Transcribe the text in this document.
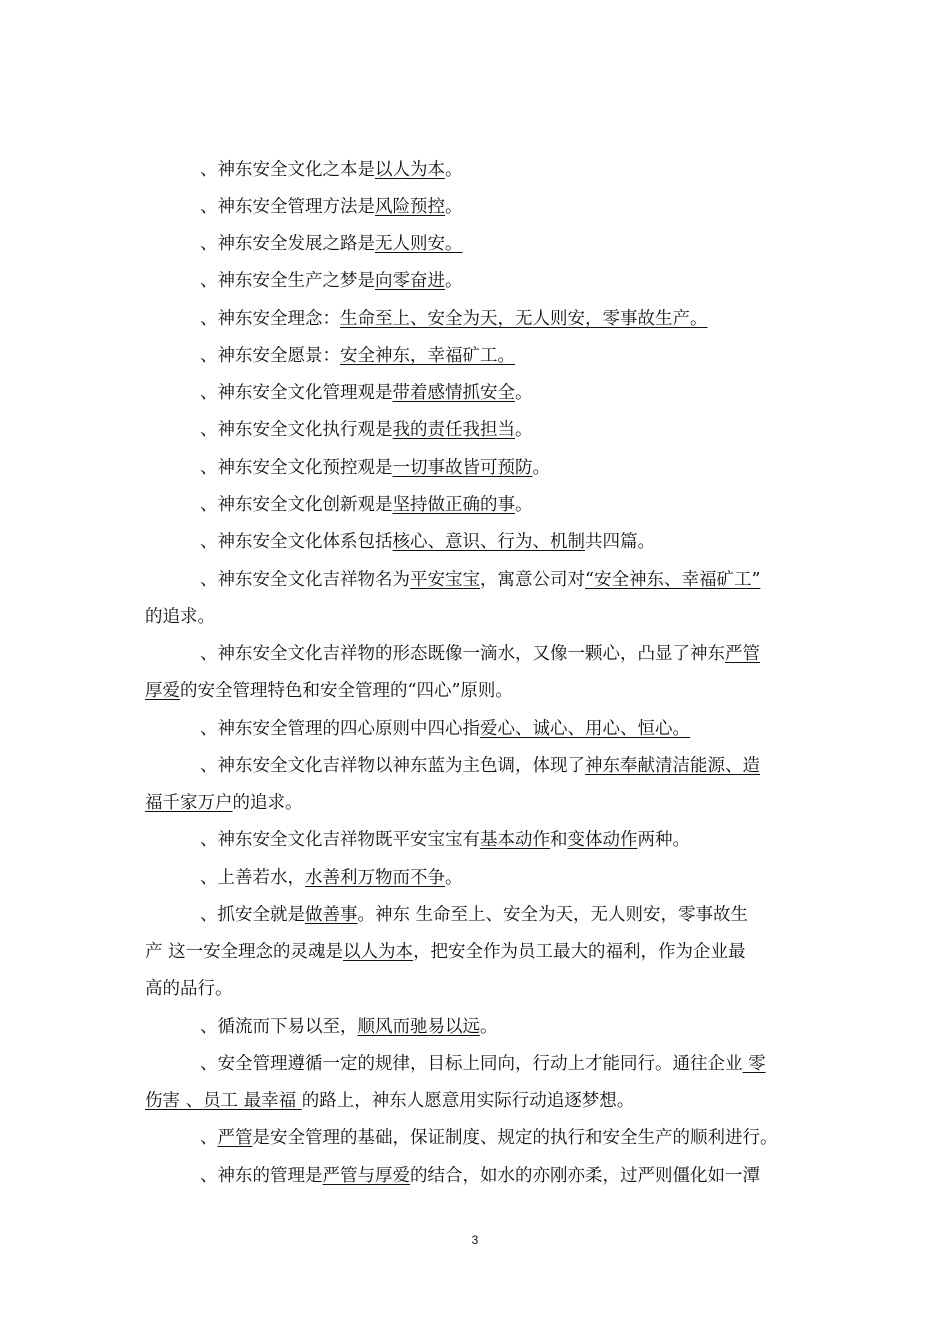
、神东安全文化之本是以人为本。
、神东安全管理方法是风险预控。
、神东安全发展之路是无人则安。
、神东安全生产之梦是向零奋进。
、神东安全理念：生命至上、安全为天，无人则安，零事故生产。
、神东安全愿景：安全神东，幸福矿工。
、神东安全文化管理观是带着感情抓安全。
、神东安全文化执行观是我的责任我担当。
、神东安全文化预控观是一切事故皆可预防。
、神东安全文化创新观是坚持做正确的事。
、神东安全文化体系包括核心、意识、行为、机制共四篇。
、神东安全文化吉祥物名为平安宝宝，寓意公司对“安全神东、幸福矿工”
的追求。
、神东安全文化吉祥物的形态既像一滴水，又像一颗心，凸显了神东严管
厚爱的安全管理特色和安全管理的“四心”原则。
、神东安全管理的四心原则中四心指爱心、诚心、用心、恒心。
、神东安全文化吉祥物以神东蓝为主色调，体现了神东奉献清洁能源、造
福千家万户的追求。
、神东安全文化吉祥物既平安宝宝有基本动作和变体动作两种。
、上善若水，水善利万物而不争。
、抓安全就是做善事。神东 生命至上、安全为天，无人则安，零事故生
产 这一安全理念的灵魂是以人为本，把安全作为员工最大的福利，作为企业最
高的品行。
、循流而下易以至，顺风而驰易以远。
、安全管理遵循一定的规律，目标上同向，行动上才能同行。通往企业 零
伤害 、员工 最幸福 的路上，神东人愿意用实际行动追逐梦想。
、严管是安全管理的基础，保证制度、规定的执行和安全生产的顺利进行。
、神东的管理是严管与厚爱的结合，如水的亦刚亦柔，过严则僵化如一潭
3
